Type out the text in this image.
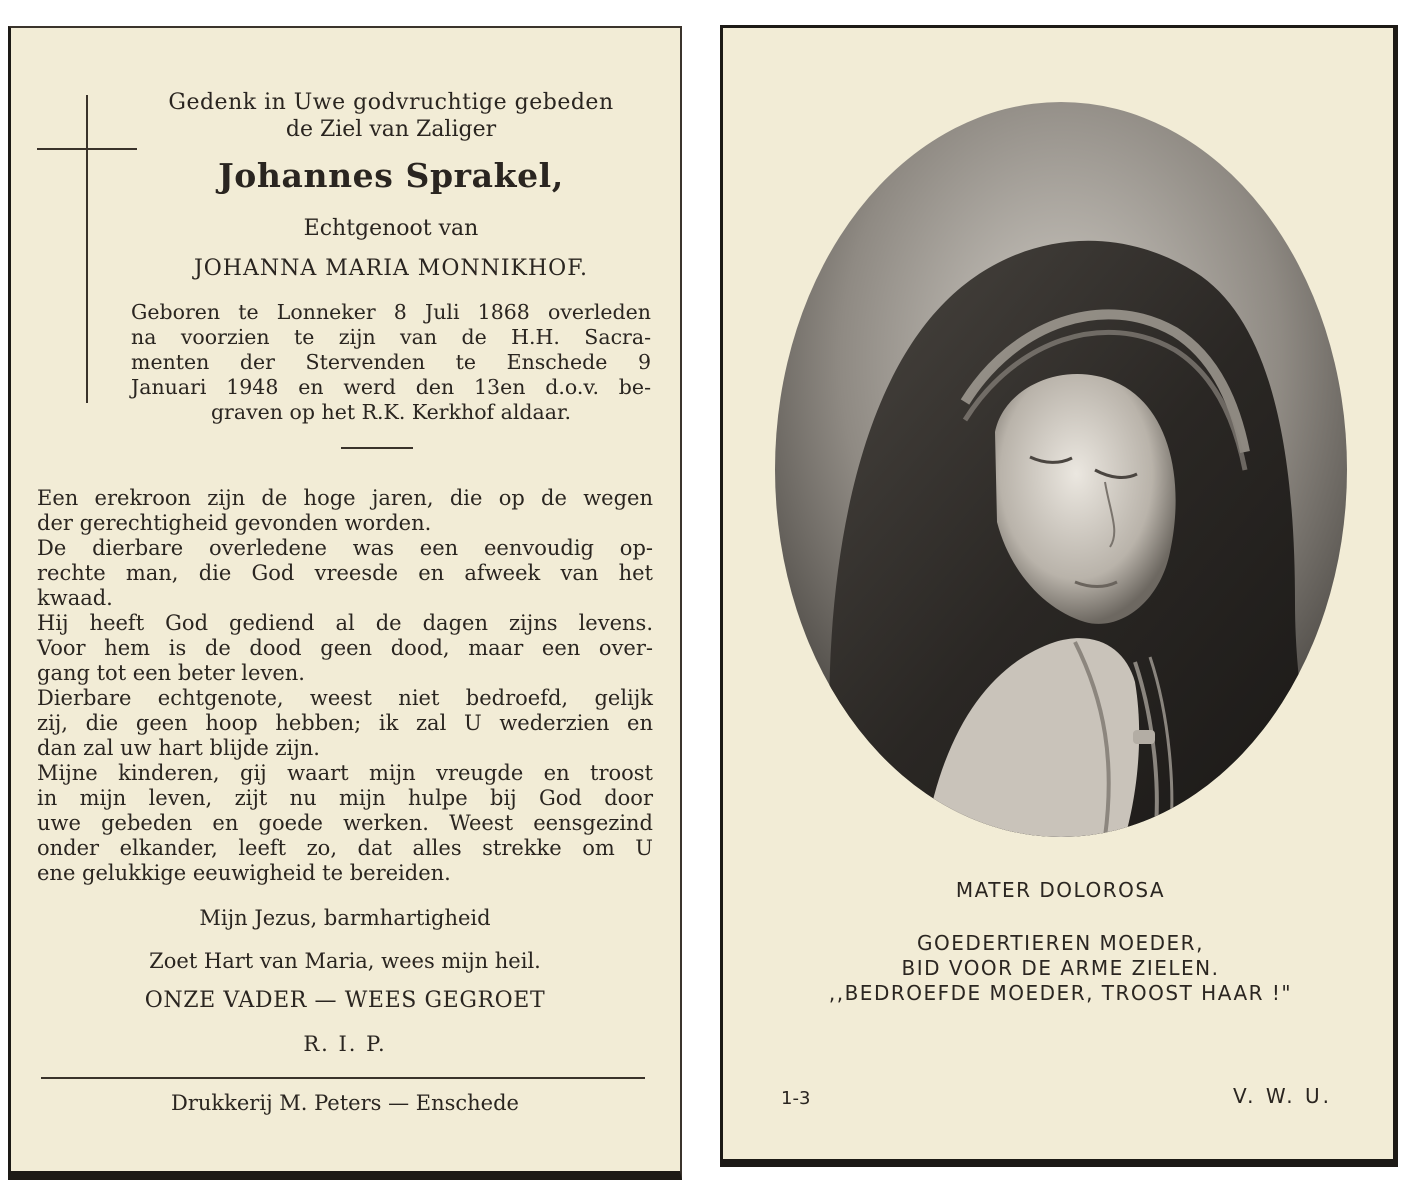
Gedenk in Uwe godvruchtige gebeden
de Ziel van Zaliger
Johannes Sprakel,
Echtgenoot van
JOHANNA MARIA MONNIKHOF.
Geboren te Lonneker 8 Juli 1868 overleden
na voorzien te zijn van de H.H. Sacra-
menten der Stervenden te Enschede 9
Januari 1948 en werd den 13en d.o.v. be-
graven op het R.K. Kerkhof aldaar.
Een erekroon zijn de hoge jaren, die op de wegen
der gerechtigheid gevonden worden.
De dierbare overledene was een eenvoudig op-
rechte man, die God vreesde en afweek van het
kwaad.
Hij heeft God gediend al de dagen zijns levens.
Voor hem is de dood geen dood, maar een over-
gang tot een beter leven.
Dierbare echtgenote, weest niet bedroefd, gelijk
zij, die geen hoop hebben; ik zal U wederzien en
dan zal uw hart blijde zijn.
Mijne kinderen, gij waart mijn vreugde en troost
in mijn leven, zijt nu mijn hulpe bij God door
uwe gebeden en goede werken. Weest eensgezind
onder elkander, leeft zo, dat alles strekke om U
ene gelukkige eeuwigheid te bereiden.
Mijn Jezus, barmhartigheid
Zoet Hart van Maria, wees mijn heil.
ONZE VADER — WEES GEGROET
R. I. P.
Drukkerij M. Peters — Enschede
MATER DOLOROSA
GOEDERTIEREN MOEDER,
BID VOOR DE ARME ZIELEN.
,,BEDROEFDE MOEDER, TROOST HAAR !"
1-3	V. W. U.
